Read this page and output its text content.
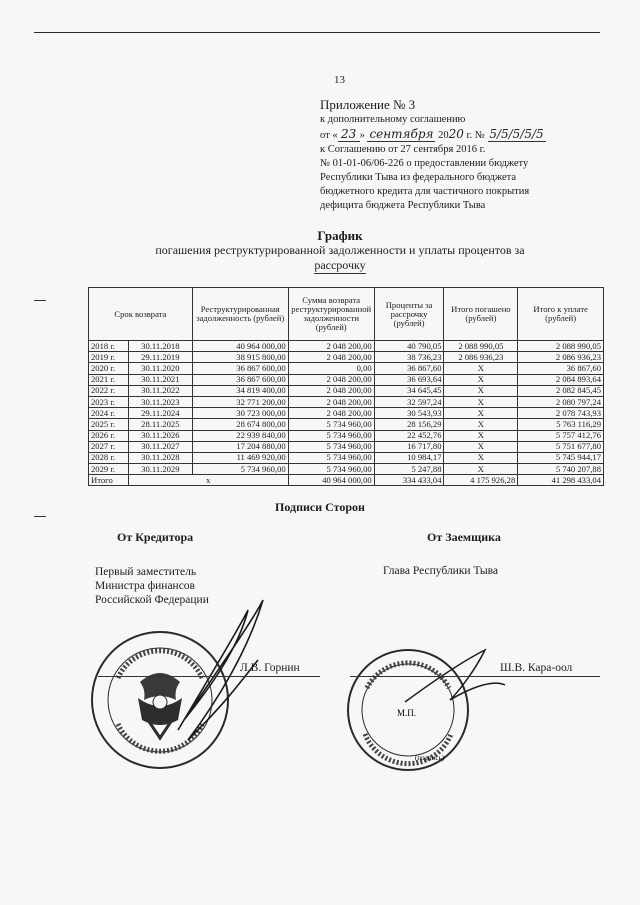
13
Приложение № 3
к дополнительному соглашению
от « 23 » сентября 2020 г. № 5/5/5/5/5
к Соглашению от 27 сентября 2016 г.
№ 01-01-06/06-226 о предоставлении бюджету
Республики Тыва из федерального бюджета
бюджетного кредита для частичного покрытия
дефицита бюджета Республики Тыва
График
погашения реструктурированной задолженности и уплаты процентов за
рассрочку
Срок возврата		Реструктурированная задолженность (рублей)	Сумма возврата реструктурированной задолженности (рублей)	Проценты за рассрочку (рублей)	Итого погашено (рублей)	Итого к уплате (рублей)
2018 г.	30.11.2018	40 964 000,00	2 048 200,00	40 790,05	2 088 990,05	2 088 990,05
2019 г.	29.11.2019	38 915 800,00	2 048 200,00	38 736,23	2 086 936,23	2 086 936,23
2020 г.	30.11.2020	36 867 600,00	0,00	36 867,60	X	36 867,60
2021 г.	30.11.2021	36 867 600,00	2 048 200,00	36 693,64	X	2 084 893,64
2022 г.	30.11.2022	34 819 400,00	2 048 200,00	34 645,45	X	2 082 845,45
2023 г.	30.11.2023	32 771 200,00	2 048 200,00	32 597,24	X	2 080 797,24
2024 г.	29.11.2024	30 723 000,00	2 048 200,00	30 543,93	X	2 078 743,93
2025 г.	28.11.2025	28 674 800,00	5 734 960,00	28 156,29	X	5 763 116,29
2026 г.	30.11.2026	22 939 840,00	5 734 960,00	22 452,76	X	5 757 412,76
2027 г.	30.11.2027	17 204 880,00	5 734 960,00	16 717,80	X	5 751 677,80
2028 г.	30.11.2028	11 469 920,00	5 734 960,00	10 984,17	X	5 745 944,17
2029 г.	30.11.2029	5 734 960,00	5 734 960,00	5 247,88	X	5 740 207,88
Итого	x		40 964 000,00	334 433,04	4 175 926,28	41 298 433,04
Подписи Сторон
От Кредитора	От Заемщика
Первый заместитель
Министра финансов
Российской Федерации
Глава Республики Тыва
М.П.
(подпись)
Л.В. Горнин	Ш.В. Кара-оол
